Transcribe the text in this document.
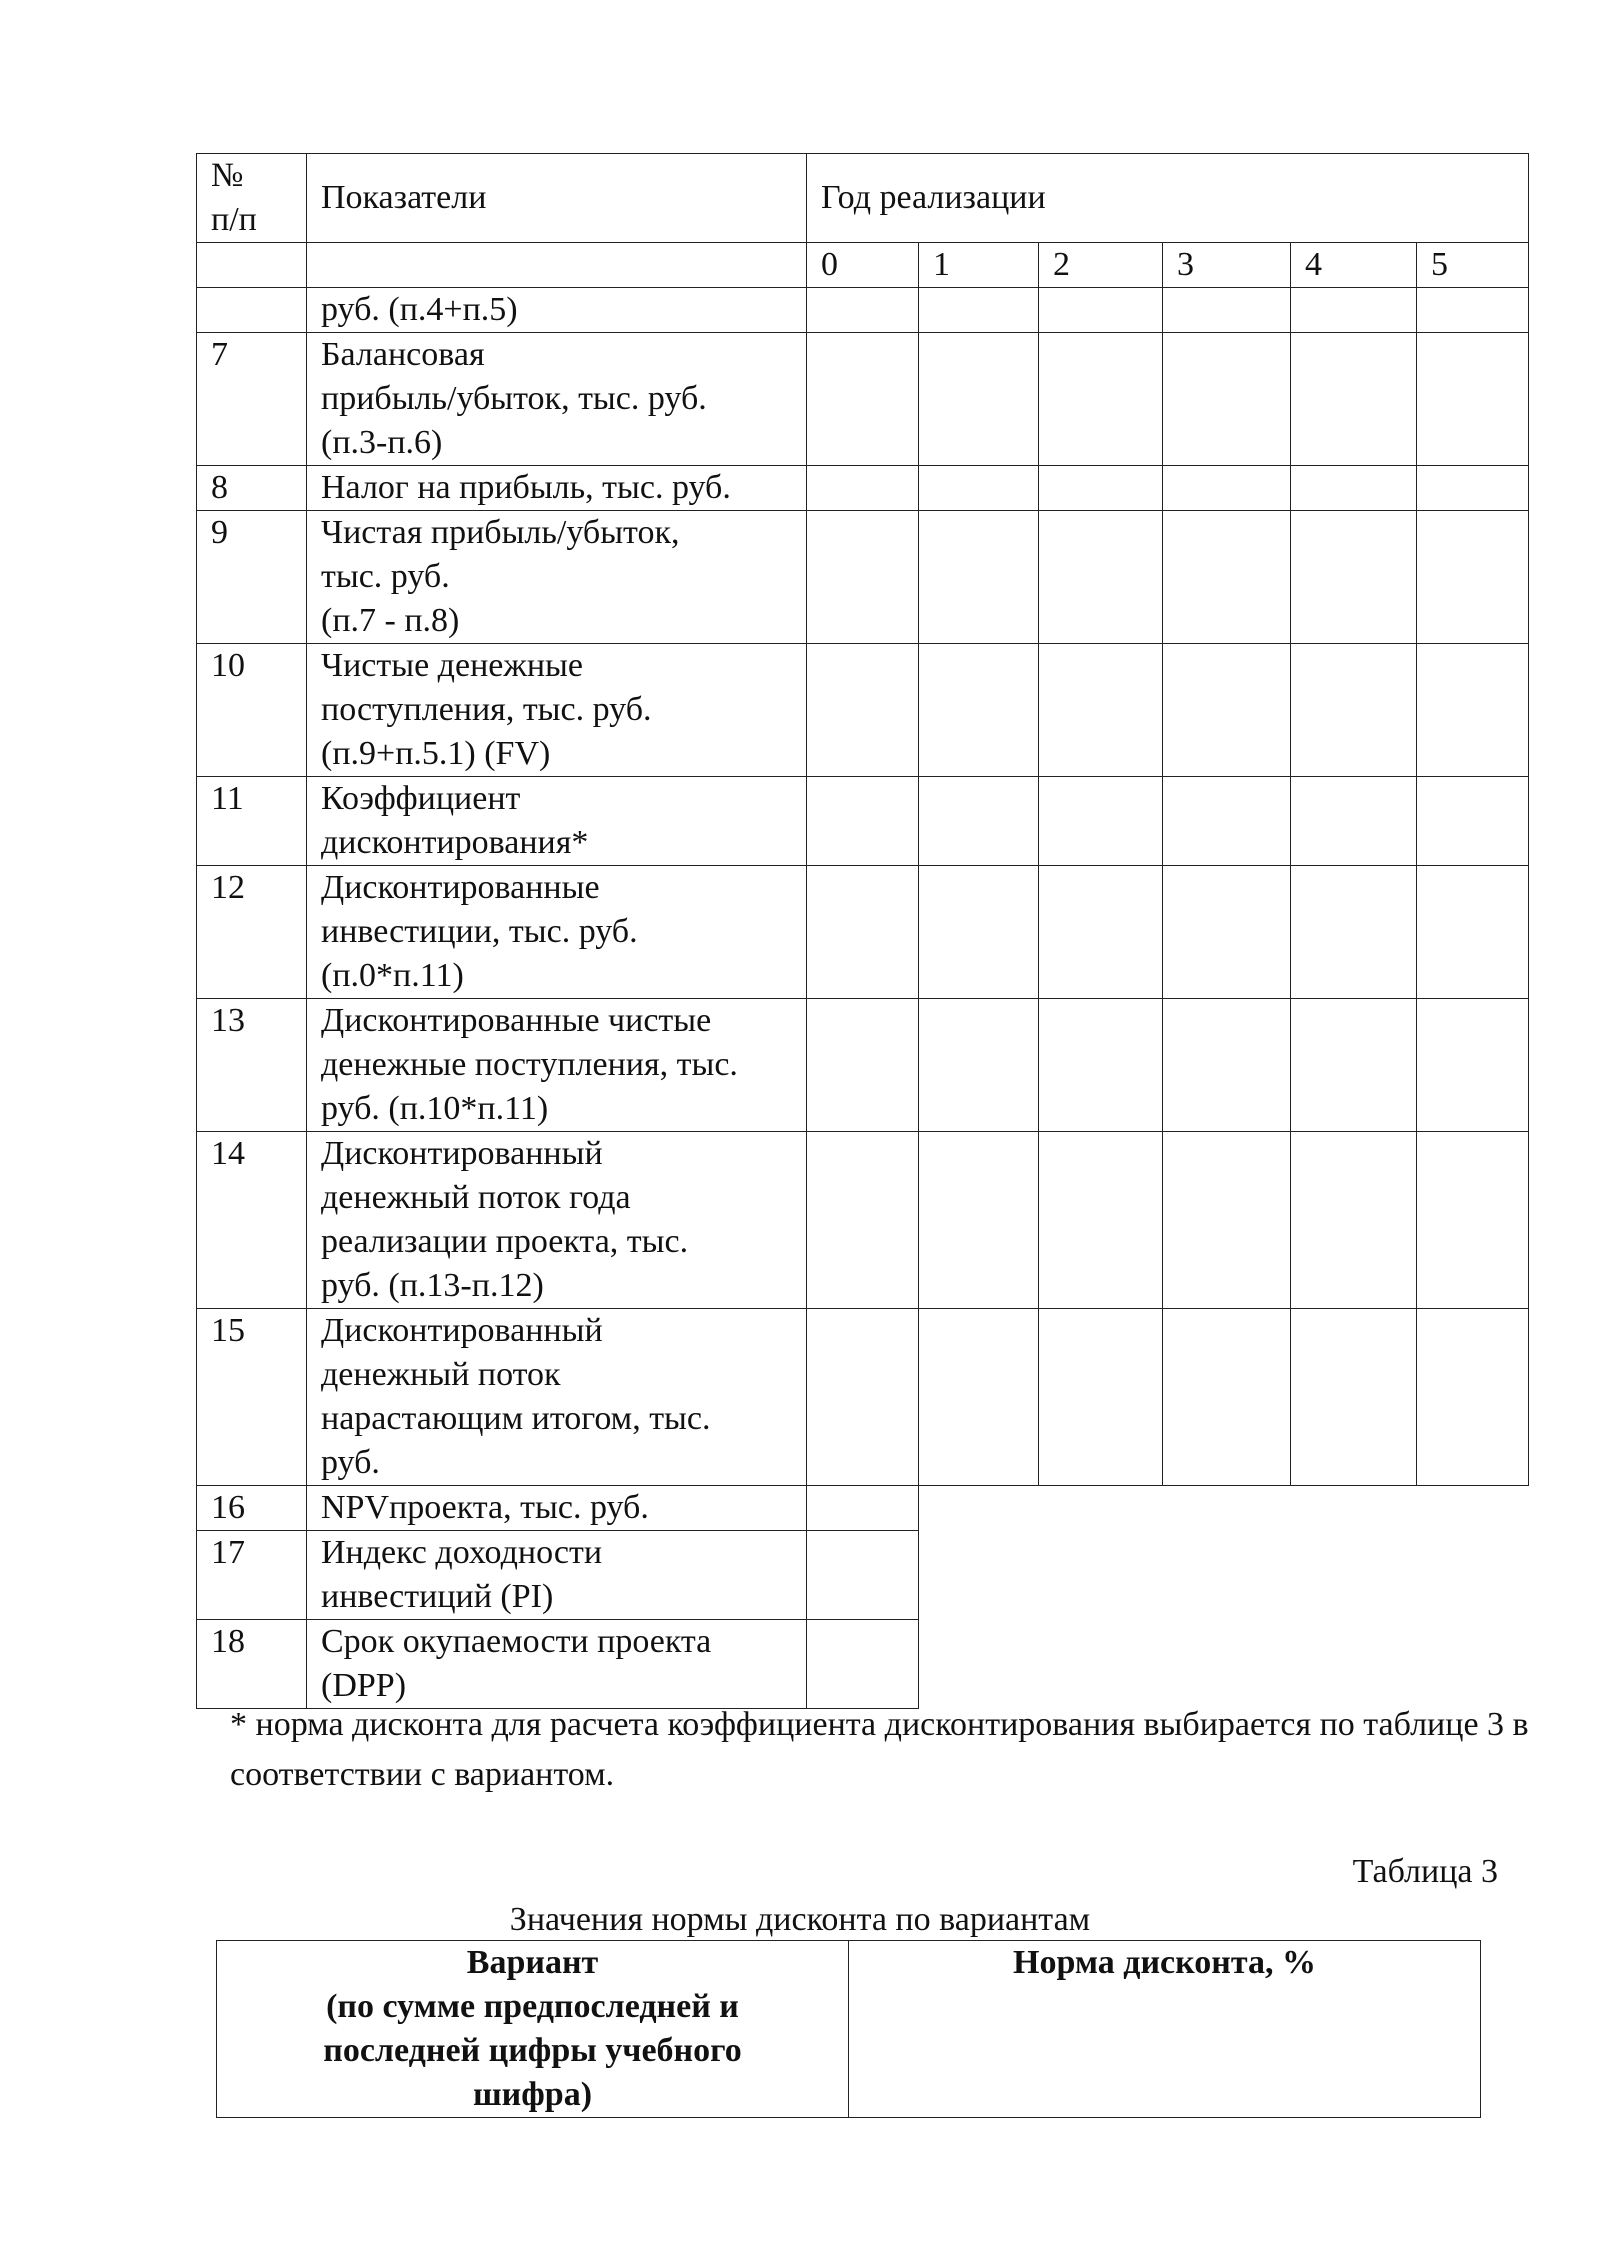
№
п/п	Показатели	Год реализации					
		0	1	2	3	4	5
	руб. (п.4+п.5)						
7	Балансовая
прибыль/убыток, тыс. руб.
(п.3-п.6)						
8	Налог на прибыль, тыс. руб.						
9	Чистая прибыль/убыток,
тыс. руб.
(п.7 - п.8)						
10	Чистые денежные
поступления, тыс. руб.
(п.9+п.5.1) (FV)						
11	Коэффициент
дисконтирования*						
12	Дисконтированные
инвестиции, тыс. руб.
(п.0*п.11)						
13	Дисконтированные чистые
денежные поступления, тыс.
руб. (п.10*п.11)						
14	Дисконтированный
денежный поток года
реализации проекта, тыс.
руб. (п.13-п.12)						
15	Дисконтированный
денежный поток
нарастающим итогом, тыс.
руб.						
16	NPVпроекта, тыс. руб.						
17	Индекс доходности
инвестиций (PI)						
18	Срок окупаемости проекта
(DPP)						
* норма дисконта для расчета коэффициента дисконтирования выбирается по таблице 3 в соответствии с вариантом.
Таблица 3
Значения нормы дисконта по вариантам
Вариант
(по сумме предпоследней и
последней цифры учебного
шифра)	Норма дисконта, %
